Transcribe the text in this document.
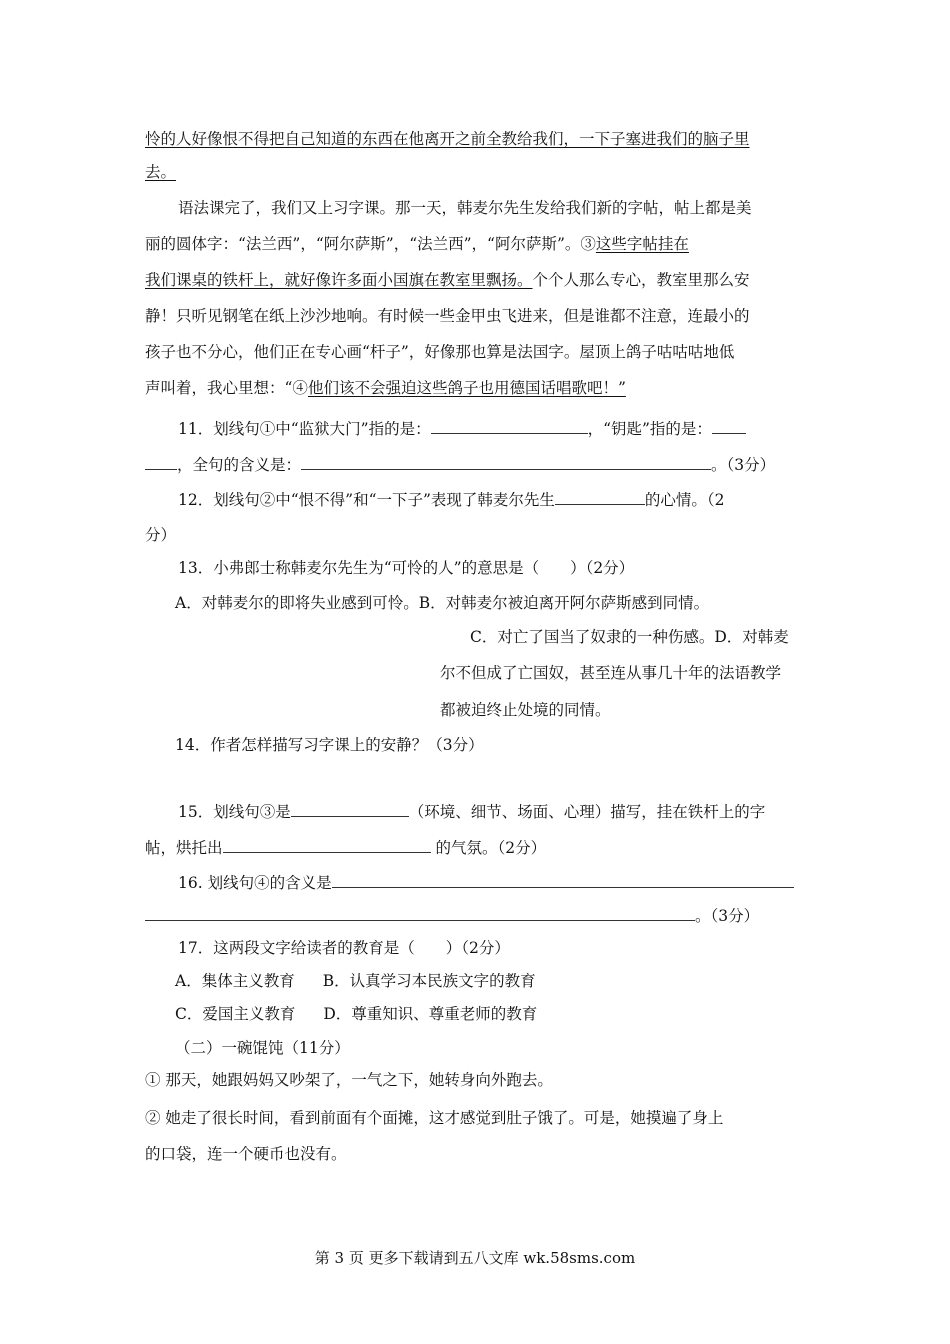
怜的人好像恨不得把自己知道的东西在他离开之前全教给我们，一下子塞进我们的脑子里
去。
语法课完了，我们又上习字课。那一天，韩麦尔先生发给我们新的字帖，帖上都是美
丽的圆体字：“法兰西”，“阿尔萨斯”，“法兰西”，“阿尔萨斯”。③这些字帖挂在
我们课桌的铁杆上，就好像许多面小国旗在教室里飘扬。个个人那么专心，教室里那么安
静！只听见钢笔在纸上沙沙地响。有时候一些金甲虫飞进来，但是谁都不注意，连最小的
孩子也不分心，他们正在专心画“杆子”，好像那也算是法国字。屋顶上鸽子咕咕咕地低
声叫着，我心里想：“④他们该不会强迫这些鸽子也用德国话唱歌吧！”
11．划线句①中“监狱大门”指的是：	，“钥匙”指的是：
，全句的含义是：	。（3分）
12．划线句②中“恨不得”和“一下子”表现了韩麦尔先生	的心情。（2
分）
13．小弗郎士称韩麦尔先生为“可怜的人”的意思是（　　）（2分）
A．对韩麦尔的即将失业感到可怜。B．对韩麦尔被迫离开阿尔萨斯感到同情。
C．对亡了国当了奴隶的一种伤感。D．对韩麦
尔不但成了亡国奴，甚至连从事几十年的法语教学
都被迫终止处境的同情。
14．作者怎样描写习字课上的安静？（3分）
15．划线句③是	（环境、细节、场面、心理）描写，挂在铁杆上的字
帖，烘托出	的气氛。（2分）
16. 划线句④的含义是
。（3分）
17．这两段文字给读者的教育是（　　）（2分）
A．集体主义教育 B．认真学习本民族文字的教育
C．爱国主义教育 D．尊重知识、尊重老师的教育
（二）一碗馄饨（11分）
① 那天，她跟妈妈又吵架了，一气之下，她转身向外跑去。
② 她走了很长时间，看到前面有个面摊，这才感觉到肚子饿了。可是，她摸遍了身上
的口袋，连一个硬币也没有。
第 3 页 更多下载请到五八文库 wk.58sms.com
